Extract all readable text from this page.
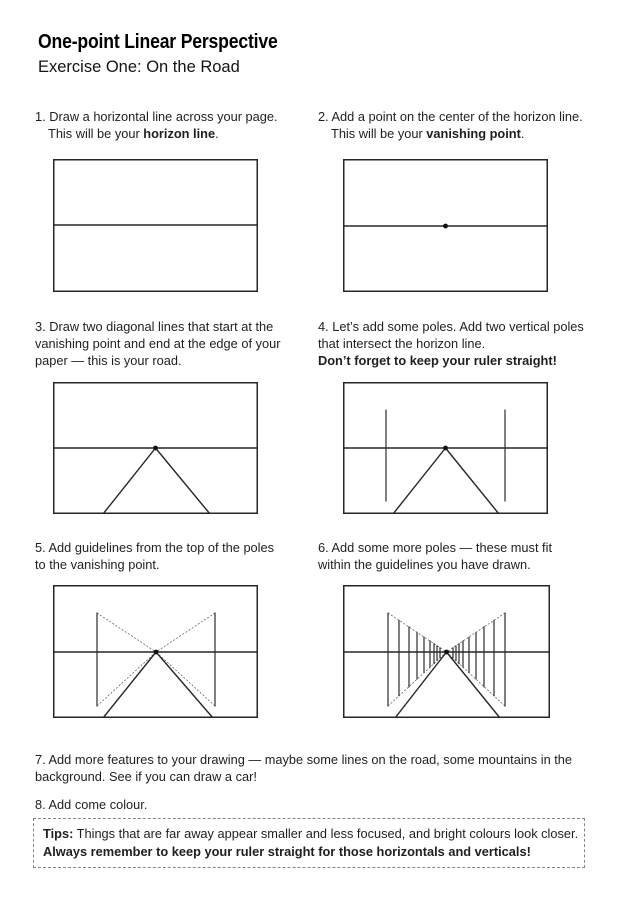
One-point Linear Perspective
Exercise One: On the Road
1. Draw a horizontal line across your page.
This will be your horizon line.
2. Add a point on the center of the horizon line.
This will be your vanishing point.
3. Draw two diagonal lines that start at the
vanishing point and end at the edge of your
paper — this is your road.
4. Let’s add some poles. Add two vertical poles
that intersect the horizon line.
Don’t forget to keep your ruler straight!
5. Add guidelines from the top of the poles
to the vanishing point.
6. Add some more poles — these must fit
within the guidelines you have drawn.
7. Add more features to your drawing — maybe some lines on the road, some mountains in the
background. See if you can draw a car!
8. Add come colour.
Tips: Things that are far away appear smaller and less focused, and bright colours look closer.
Always remember to keep your ruler straight for those horizontals and verticals!
